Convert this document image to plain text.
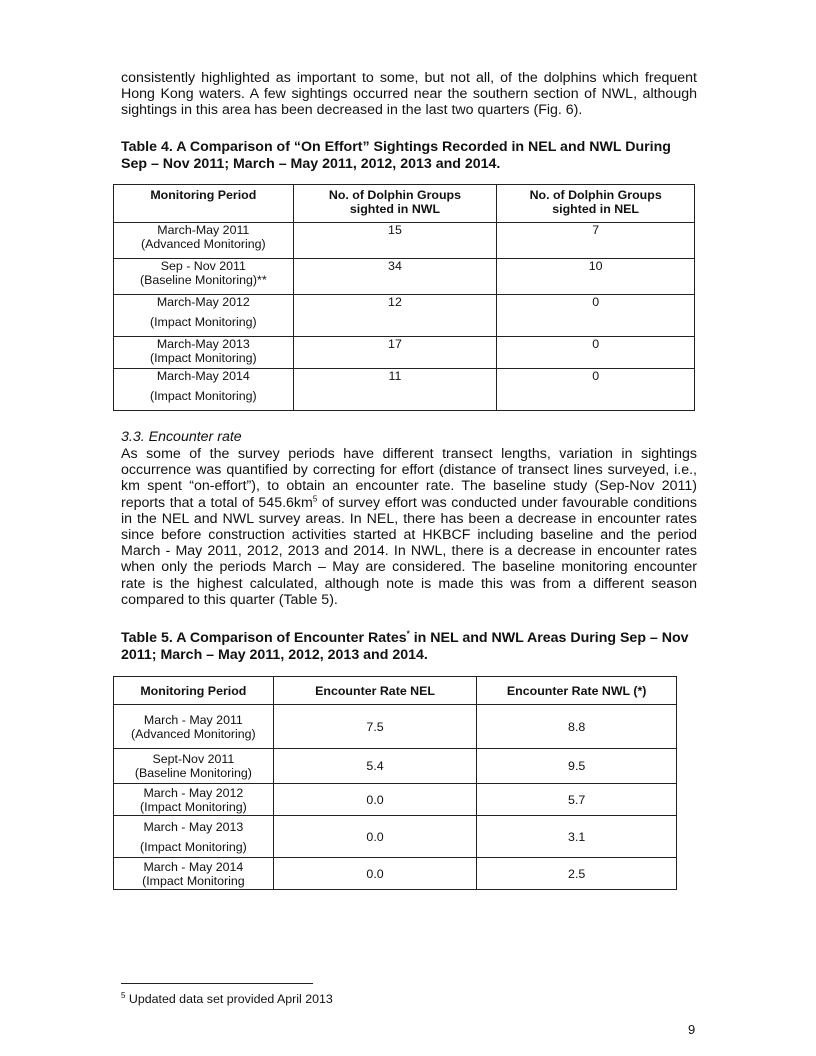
consistently highlighted as important to some, but not all, of the dolphins which frequent Hong Kong waters. A few sightings occurred near the southern section of NWL, although sightings in this area has been decreased in the last two quarters (Fig. 6).

Table 4. A Comparison of “On Effort” Sightings Recorded in NEL and NWL During Sep – Nov 2011; March – May 2011, 2012, 2013 and 2014.

Monitoring Period	No. of Dolphin Groups sighted in NWL	No. of Dolphin Groups sighted in NEL

March-May 2011
(Advanced Monitoring)	15	7

Sep - Nov 2011
(Baseline Monitoring)**	34	10

March-May 2012
(Impact Monitoring)	12	0

March-May 2013
(Impact Monitoring)	17	0

March-May 2014
(Impact Monitoring)	11	0

3.3. Encounter rate

As some of the survey periods have different transect lengths, variation in sightings occurrence was quantified by correcting for effort (distance of transect lines surveyed, i.e., km spent “on-effort”), to obtain an encounter rate. The baseline study (Sep-Nov 2011) reports that a total of $545.6km^5$ of survey effort was conducted under favourable conditions in the NEL and NWL survey areas. In NEL, there has been a decrease in encounter rates since before construction activities started at HKBCF including baseline and the period March - May 2011, 2012, 2013 and 2014. In NWL, there is a decrease in encounter rates when only the periods March – May are considered. The baseline monitoring encounter rate is the highest calculated, although note is made this was from a different season compared to this quarter (Table 5).

Table 5. A Comparison of Encounter Rates* in NEL and NWL Areas During Sep – Nov 2011; March – May 2011, 2012, 2013 and 2014.

Monitoring Period	Encounter Rate NEL	Encounter Rate NWL (*)

March - May 2011
(Advanced Monitoring)	7.5	8.8

Sept-Nov 2011
(Baseline Monitoring)	5.4	9.5

March - May 2012
(Impact Monitoring)	0.0	5.7

March - May 2013
(Impact Monitoring)	0.0	3.1

March - May 2014
(Impact Monitoring	0.0	2.5

$^5$ Updated data set provided April 2013

9
